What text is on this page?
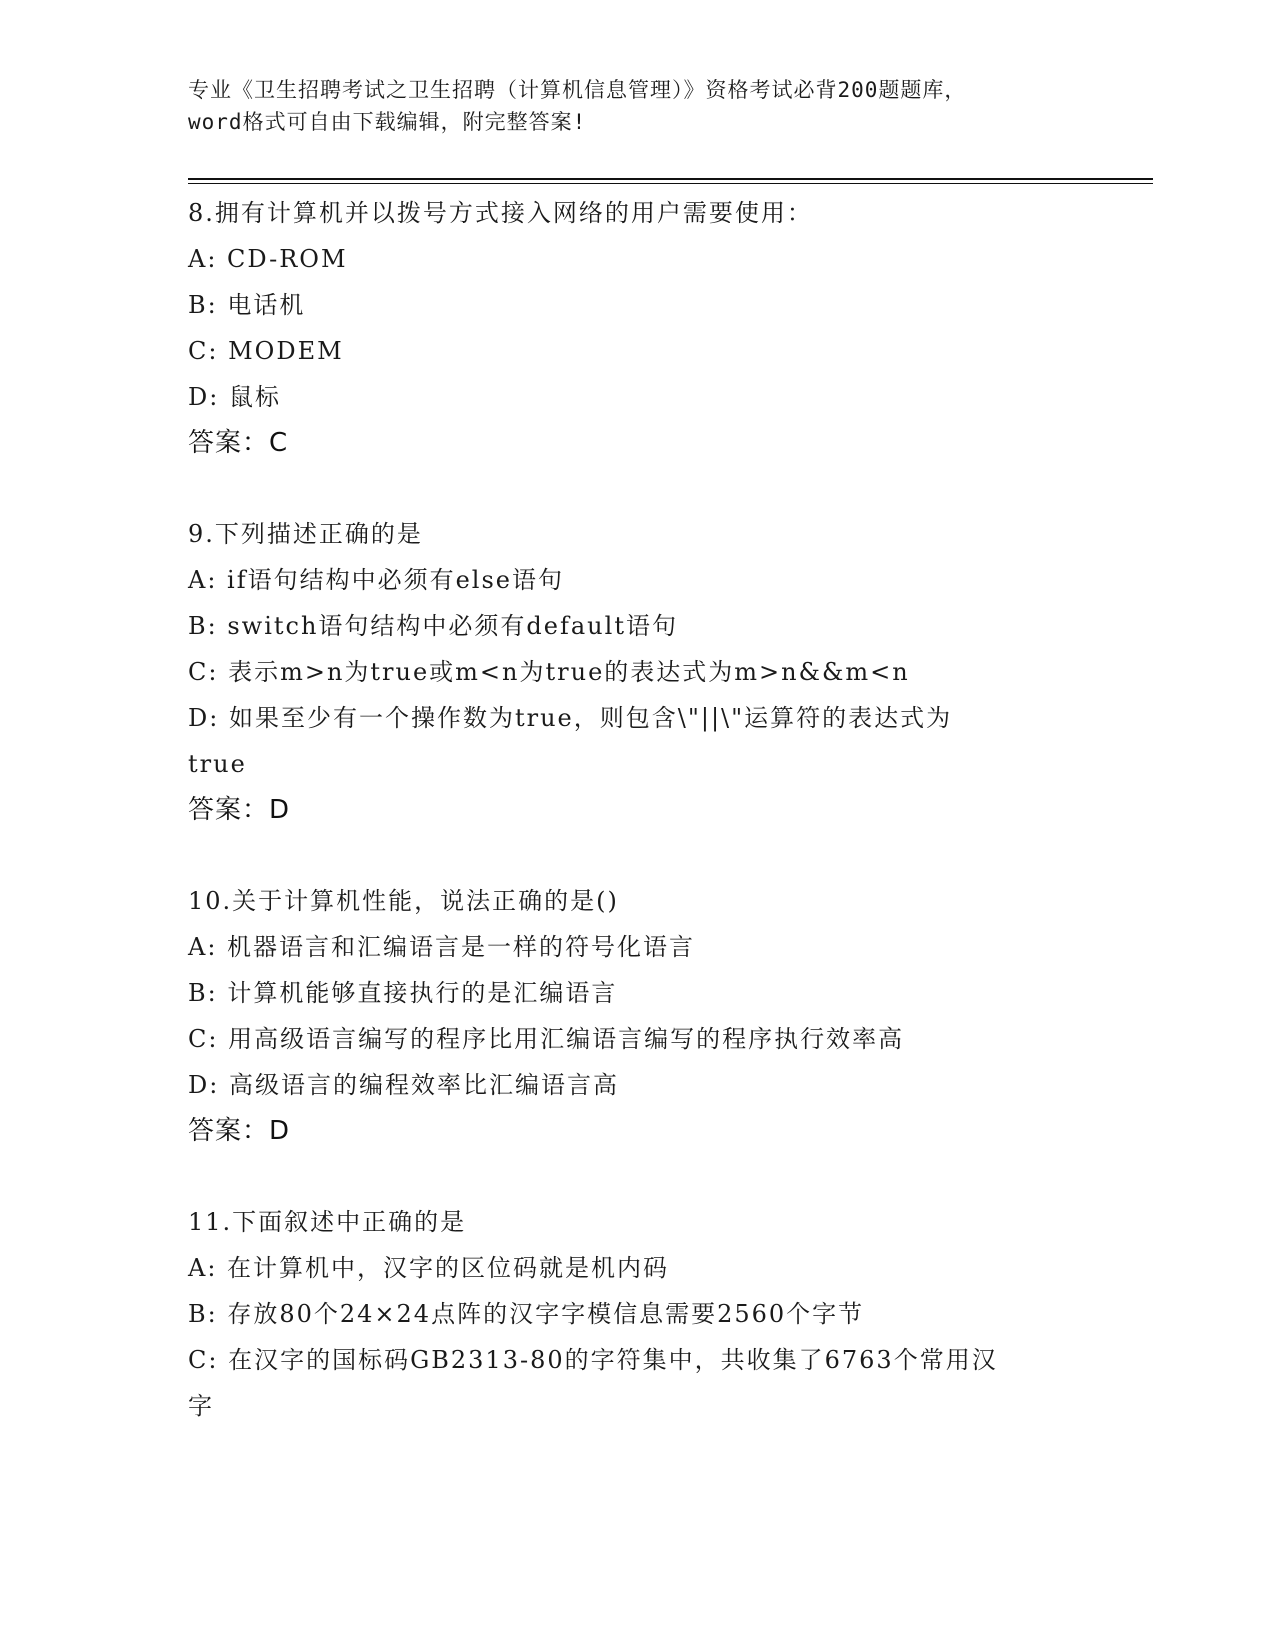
专业《卫生招聘考试之卫生招聘（计算机信息管理）》资格考试必背200题题库，
word格式可自由下载编辑，附完整答案!
8.拥有计算机并以拨号方式接入网络的用户需要使用：
A: CD-ROM
B: 电话机
C: MODEM
D: 鼠标
答案：C
9.下列描述正确的是
A: if语句结构中必须有else语句
B: switch语句结构中必须有default语句
C: 表示m>n为true或m<n为true的表达式为m>n&&m<n
D: 如果至少有一个操作数为true，则包含\"||\"运算符的表达式为
true
答案：D
10.关于计算机性能，说法正确的是()
A: 机器语言和汇编语言是一样的符号化语言
B: 计算机能够直接执行的是汇编语言
C: 用高级语言编写的程序比用汇编语言编写的程序执行效率高
D: 高级语言的编程效率比汇编语言高
答案：D
11.下面叙述中正确的是
A: 在计算机中，汉字的区位码就是机内码
B: 存放80个24×24点阵的汉字字模信息需要2560个字节
C: 在汉字的国标码GB2313-80的字符集中，共收集了6763个常用汉
字
